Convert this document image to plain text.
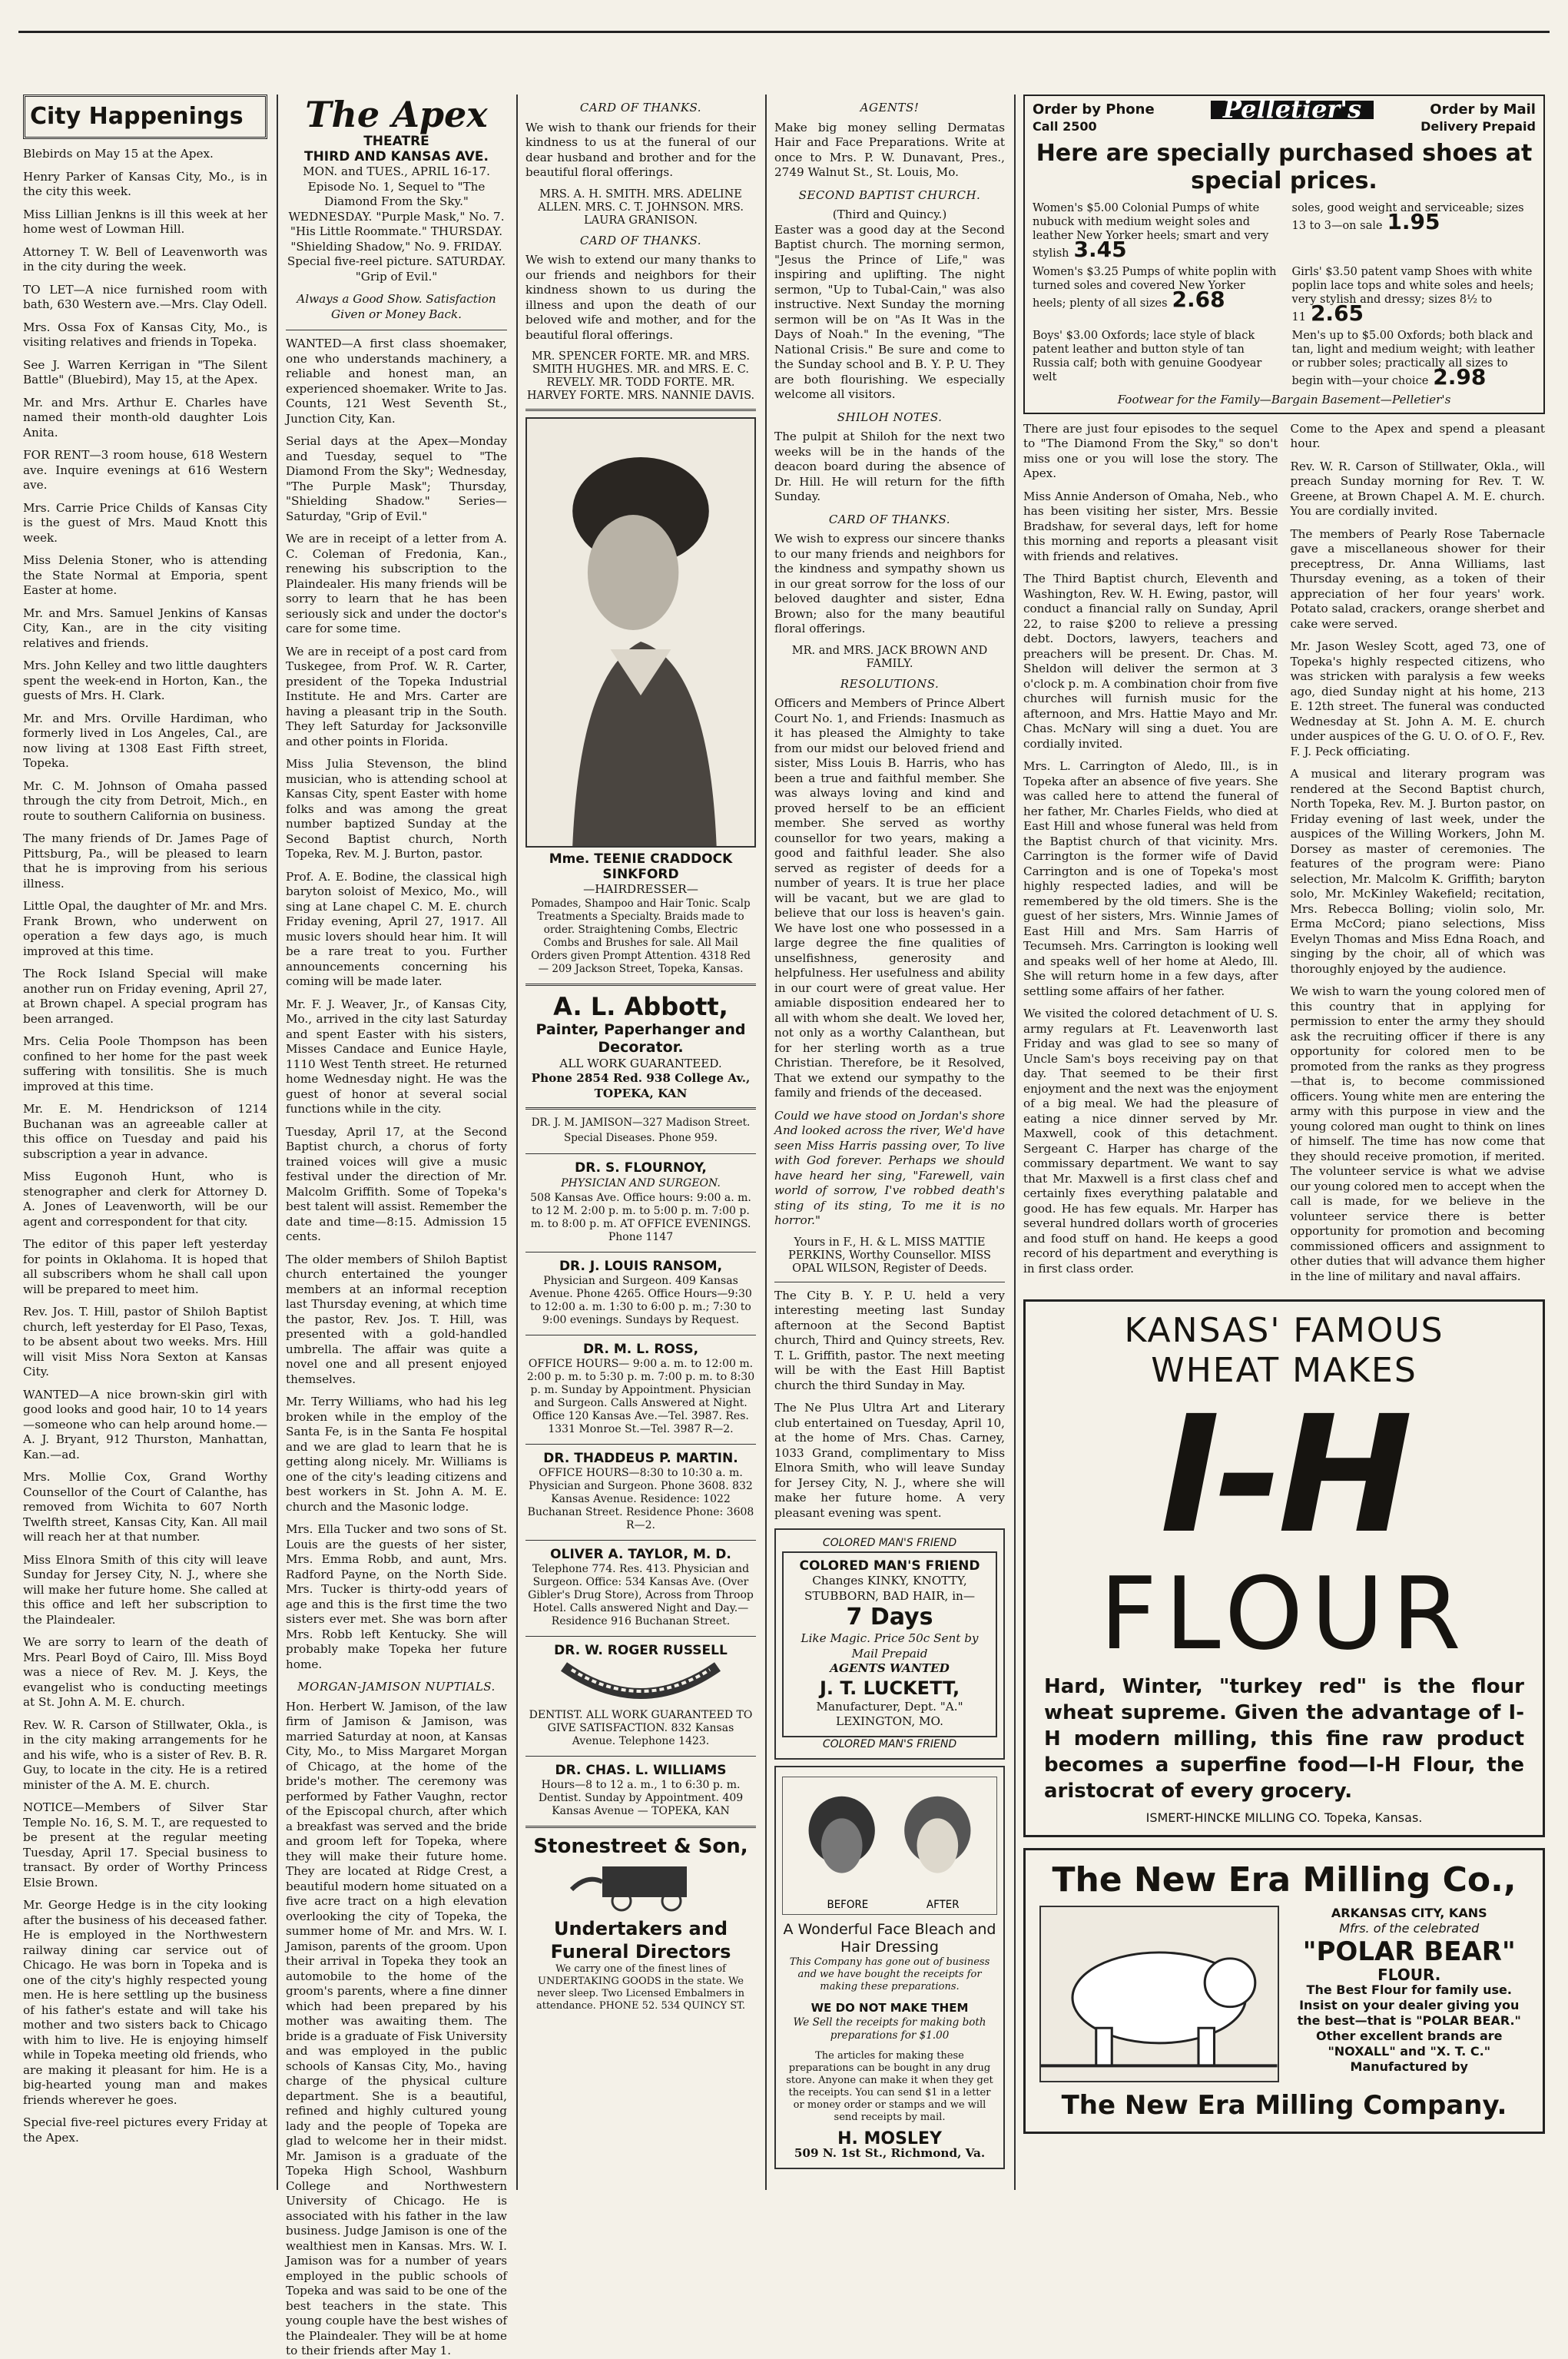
City Happenings

Blebirds on May 15 at the Apex.

Henry Parker of Kansas City, Mo., is in the city this week.

Miss Lillian Jenkns is ill this week at her home west of Lowman Hill.

Attorney T. W. Bell of Leavenworth was in the city during the week.

TO LET—A nice furnished room with bath, 630 Western ave.—Mrs. Clay Odell.

Mrs. Ossa Fox of Kansas City, Mo., is visiting relatives and friends in Topeka.

See J. Warren Kerrigan in "The Silent Battle" (Bluebird), May 15, at the Apex.

Mr. and Mrs. Arthur E. Charles have named their month-old daughter Lois Anita.

FOR RENT—3 room house, 618 Western ave. Inquire evenings at 616 Western ave.

Mrs. Carrie Price Childs of Kansas City is the guest of Mrs. Maud Knott this week.

Miss Delenia Stoner, who is attending the State Normal at Emporia, spent Easter at home.

Mr. and Mrs. Samuel Jenkins of Kansas City, Kan., are in the city visiting relatives and friends.

Mrs. John Kelley and two little daughters spent the week-end in Horton, Kan., the guests of Mrs. H. Clark.

Mr. and Mrs. Orville Hardiman, who formerly lived in Los Angeles, Cal., are now living at 1308 East Fifth street, Topeka.

Mr. C. M. Johnson of Omaha passed through the city from Detroit, Mich., en route to southern California on business.

The many friends of Dr. James Page of Pittsburg, Pa., will be pleased to learn that he is improving from his serious illness.

Little Opal, the daughter of Mr. and Mrs. Frank Brown, who underwent on operation a few days ago, is much improved at this time.

The Rock Island Special will make another run on Friday evening, April 27, at Brown chapel. A special program has been arranged.

Mrs. Celia Poole Thompson has been confined to her home for the past week suffering with tonsilitis. She is much improved at this time.

Mr. E. M. Hendrickson of 1214 Buchanan was an agreeable caller at this office on Tuesday and paid his subscription a year in advance.

Miss Eugonoh Hunt, who is stenographer and clerk for Attorney D. A. Jones of Leavenworth, will be our agent and correspondent for that city.

The editor of this paper left yesterday for points in Oklahoma. It is hoped that all subscribers whom he shall call upon will be prepared to meet him.

Rev. Jos. T. Hill, pastor of Shiloh Baptist church, left yesterday for El Paso, Texas, to be absent about two weeks. Mrs. Hill will visit Miss Nora Sexton at Kansas City.

WANTED—A nice brown-skin girl with good looks and good hair, 10 to 14 years—someone who can help around home.—A. J. Bryant, 912 Thurston, Manhattan, Kan.—ad.

Mrs. Mollie Cox, Grand Worthy Counsellor of the Court of Calanthe, has removed from Wichita to 607 North Twelfth street, Kansas City, Kan. All mail will reach her at that number.

Miss Elnora Smith of this city will leave Sunday for Jersey City, N. J., where she will make her future home. She called at this office and left her subscription to the Plaindealer.

We are sorry to learn of the death of Mrs. Pearl Boyd of Cairo, Ill. Miss Boyd was a niece of Rev. M. J. Keys, the evangelist who is conducting meetings at St. John A. M. E. church.

Rev. W. R. Carson of Stillwater, Okla., is in the city making arrangements for he and his wife, who is a sister of Rev. B. R. Guy, to locate in the city. He is a retired minister of the A. M. E. church.

NOTICE—Members of Silver Star Temple No. 16, S. M. T., are requested to be present at the regular meeting Tuesday, April 17. Special business to transact. By order of Worthy Princess Elsie Brown.

Mr. George Hedge is in the city looking after the business of his deceased father. He is employed in the Northwestern railway dining car service out of Chicago. He was born in Topeka and is one of the city's highly respected young men. He is here settling up the business of his father's estate and will take his mother and two sisters back to Chicago with him to live. He is enjoying himself while in Topeka meeting old friends, who are making it pleasant for him. He is a big-hearted young man and makes friends wherever he goes.

Special five-reel pictures every Friday at the Apex.

The Apex
THEATRE
THIRD AND KANSAS AVE.

MON. and TUES., APRIL 16-17. Episode No. 1, Sequel to "The Diamond From the Sky." WEDNESDAY. "Purple Mask," No. 7. "His Little Roommate." THURSDAY. "Shielding Shadow," No. 9. FRIDAY. Special five-reel picture. SATURDAY. "Grip of Evil."

Always a Good Show. Satisfaction Given or Money Back.

WANTED—A first class shoemaker, one who understands machinery, a reliable and honest man, an experienced shoemaker. Write to Jas. Counts, 121 West Seventh St., Junction City, Kan.

Serial days at the Apex—Monday and Tuesday, sequel to "The Diamond From the Sky"; Wednesday, "The Purple Mask"; Thursday, "Shielding Shadow." Series—Saturday, "Grip of Evil."

We are in receipt of a letter from A. C. Coleman of Fredonia, Kan., renewing his subscription to the Plaindealer. His many friends will be sorry to learn that he has been seriously sick and under the doctor's care for some time.

We are in receipt of a post card from Tuskegee, from Prof. W. R. Carter, president of the Topeka Industrial Institute. He and Mrs. Carter are having a pleasant trip in the South. They left Saturday for Jacksonville and other points in Florida.

Miss Julia Stevenson, the blind musician, who is attending school at Kansas City, spent Easter with home folks and was among the great number baptized Sunday at the Second Baptist church, North Topeka, Rev. M. J. Burton, pastor.

Prof. A. E. Bodine, the classical high baryton soloist of Mexico, Mo., will sing at Lane chapel C. M. E. church Friday evening, April 27, 1917. All music lovers should hear him. It will be a rare treat to you. Further announcements concerning his coming will be made later.

Mr. F. J. Weaver, Jr., of Kansas City, Mo., arrived in the city last Saturday and spent Easter with his sisters, Misses Candace and Eunice Hayle, 1110 West Tenth street. He returned home Wednesday night. He was the guest of honor at several social functions while in the city.

Tuesday, April 17, at the Second Baptist church, a chorus of forty trained voices will give a music festival under the direction of Mr. Malcolm Griffith. Some of Topeka's best talent will assist. Remember the date and time—8:15. Admission 15 cents.

The older members of Shiloh Baptist church entertained the younger members at an informal reception last Thursday evening, at which time the pastor, Rev. Jos. T. Hill, was presented with a gold-handled umbrella. The affair was quite a novel one and all present enjoyed themselves.

Mr. Terry Williams, who had his leg broken while in the employ of the Santa Fe, is in the Santa Fe hospital and we are glad to learn that he is getting along nicely. Mr. Williams is one of the city's leading citizens and best workers in St. John A. M. E. church and the Masonic lodge.

Mrs. Ella Tucker and two sons of St. Louis are the guests of her sister, Mrs. Emma Robb, and aunt, Mrs. Radford Payne, on the North Side. Mrs. Tucker is thirty-odd years of age and this is the first time the two sisters ever met. She was born after Mrs. Robb left Kentucky. She will probably make Topeka her future home.

MORGAN-JAMISON NUPTIALS.

Hon. Herbert W. Jamison, of the law firm of Jamison & Jamison, was married Saturday at noon, at Kansas City, Mo., to Miss Margaret Morgan of Chicago, at the home of the bride's mother. The ceremony was performed by Father Vaughn, rector of the Episcopal church, after which a breakfast was served and the bride and groom left for Topeka, where they will make their future home. They are located at Ridge Crest, a beautiful modern home situated on a five acre tract on a high elevation overlooking the city of Topeka, the summer home of Mr. and Mrs. W. I. Jamison, parents of the groom. Upon their arrival in Topeka they took an automobile to the home of the groom's parents, where a fine dinner which had been prepared by his mother was awaiting them. The bride is a graduate of Fisk University and was employed in the public schools of Kansas City, Mo., having charge of the physical culture department. She is a beautiful, refined and highly cultured young lady and the people of Topeka are glad to welcome her in their midst. Mr. Jamison is a graduate of the Topeka High School, Washburn College and Northwestern University of Chicago. He is associated with his father in the law business. Judge Jamison is one of the wealthiest men in Kansas. Mrs. W. I. Jamison was for a number of years employed in the public schools of Topeka and was said to be one of the best teachers in the state. This young couple have the best wishes of the Plaindealer. They will be at home to their friends after May 1.

CARD OF THANKS.

We wish to thank our friends for their kindness to us at the funeral of our dear husband and brother and for the beautiful floral offerings.

MRS. A. H. SMITH. MRS. ADELINE ALLEN. MRS. C. T. JOHNSON. MRS. LAURA GRANISON.
CARD OF THANKS.

We wish to extend our many thanks to our friends and neighbors for their kindness shown to us during the illness and upon the death of our beloved wife and mother, and for the beautiful floral offerings.

MR. SPENCER FORTE. MR. and MRS. SMITH HUGHES. MR. and MRS. E. C. REVELY. MR. TODD FORTE. MR. HARVEY FORTE. MRS. NANNIE DAVIS.
Mme. TEENIE CRADDOCK SINKFORD
—HAIRDRESSER—

Pomades, Shampoo and Hair Tonic. Scalp Treatments a Specialty. Braids made to order. Straightening Combs, Electric Combs and Brushes for sale. All Mail Orders given Prompt Attention. 4318 Red — 209 Jackson Street, Topeka, Kansas.

A. L. Abbott,
Painter, Paperhanger and Decorator.
ALL WORK GUARANTEED.
Phone 2854 Red. 938 College Av., TOPEKA, KAN

DR. J. M. JAMISON—327 Madison Street. Special Diseases. Phone 959.

DR. S. FLOURNOY,
PHYSICIAN AND SURGEON.

508 Kansas Ave. Office hours: 9:00 a. m. to 12 M. 2:00 p. m. to 5:00 p. m. 7:00 p. m. to 8:00 p. m. AT OFFICE EVENINGS. Phone 1147

DR. J. LOUIS RANSOM,

Physician and Surgeon. 409 Kansas Avenue. Phone 4265. Office Hours—9:30 to 12:00 a. m. 1:30 to 6:00 p. m.; 7:30 to 9:00 evenings. Sundays by Request.

DR. M. L. ROSS,

OFFICE HOURS— 9:00 a. m. to 12:00 m. 2:00 p. m. to 5:30 p. m. 7:00 p. m. to 8:30 p. m. Sunday by Appointment. Physician and Surgeon. Calls Answered at Night. Office 120 Kansas Ave.—Tel. 3987. Res. 1331 Monroe St.—Tel. 3987 R—2.

DR. THADDEUS P. MARTIN.

OFFICE HOURS—8:30 to 10:30 a. m. Physician and Surgeon. Phone 3608. 832 Kansas Avenue. Residence: 1022 Buchanan Street. Residence Phone: 3608 R—2.

OLIVER A. TAYLOR, M. D.

Telephone 774. Res. 413. Physician and Surgeon. Office: 534 Kansas Ave. (Over Gibler's Drug Store), Across from Throop Hotel. Calls answered Night and Day.—Residence 916 Buchanan Street.

DR. W. ROGER RUSSELL

DENTIST. ALL WORK GUARANTEED TO GIVE SATISFACTION. 832 Kansas Avenue. Telephone 1423.

DR. CHAS. L. WILLIAMS

Hours—8 to 12 a. m., 1 to 6:30 p. m. Dentist. Sunday by Appointment. 409 Kansas Avenue — TOPEKA, KAN

Stonestreet & Son,
Undertakers and Funeral Directors

We carry one of the finest lines of UNDERTAKING GOODS in the state. We never sleep. Two Licensed Embalmers in attendance. PHONE 52. 534 QUINCY ST.

AGENTS!

Make big money selling Dermatas Hair and Face Preparations. Write at once to Mrs. P. W. Dunavant, Pres., 2749 Walnut St., St. Louis, Mo.

SECOND BAPTIST CHURCH.
(Third and Quincy.)

Easter was a good day at the Second Baptist church. The morning sermon, "Jesus the Prince of Life," was inspiring and uplifting. The night sermon, "Up to Tubal-Cain," was also instructive. Next Sunday the morning sermon will be on "As It Was in the Days of Noah." In the evening, "The National Crisis." Be sure and come to the Sunday school and B. Y. P. U. They are both flourishing. We especially welcome all visitors.

SHILOH NOTES.

The pulpit at Shiloh for the next two weeks will be in the hands of the deacon board during the absence of Dr. Hill. He will return for the fifth Sunday.

CARD OF THANKS.

We wish to express our sincere thanks to our many friends and neighbors for the kindness and sympathy shown us in our great sorrow for the loss of our beloved daughter and sister, Edna Brown; also for the many beautiful floral offerings.

MR. and MRS. JACK BROWN AND FAMILY.
RESOLUTIONS.

Officers and Members of Prince Albert Court No. 1, and Friends: Inasmuch as it has pleased the Almighty to take from our midst our beloved friend and sister, Miss Louis B. Harris, who has been a true and faithful member. She was always loving and kind and proved herself to be an efficient member. She served as worthy counsellor for two years, making a good and faithful leader. She also served as register of deeds for a number of years. It is true her place will be vacant, but we are glad to believe that our loss is heaven's gain. We have lost one who possessed in a large degree the fine qualities of unselfishness, generosity and helpfulness. Her usefulness and ability in our court were of great value. Her amiable disposition endeared her to all with whom she dealt. We loved her, not only as a worthy Calanthean, but for her sterling worth as a true Christian. Therefore, be it Resolved, That we extend our sympathy to the family and friends of the deceased.

Could we have stood on Jordan's shore And looked across the river, We'd have seen Miss Harris passing over, To live with God forever. Perhaps we should have heard her sing, "Farewell, vain world of sorrow, I've robbed death's sting of its sting, To me it is no horror."

Yours in F., H. & L. MISS MATTIE PERKINS, Worthy Counsellor. MISS OPAL WILSON, Register of Deeds.

The City B. Y. P. U. held a very interesting meeting last Sunday afternoon at the Second Baptist church, Third and Quincy streets, Rev. T. L. Griffith, pastor. The next meeting will be with the East Hill Baptist church the third Sunday in May.

The Ne Plus Ultra Art and Literary club entertained on Tuesday, April 10, at the home of Mrs. Chas. Carney, 1033 Grand, complimentary to Miss Elnora Smith, who will leave Sunday for Jersey City, N. J., where she will make her future home. A very pleasant evening was spent.

COLORED MAN'S FRIEND
COLORED MAN'S FRIEND
Changes KINKY, KNOTTY, STUBBORN, BAD HAIR, in—
7 Days
Like Magic. Price 50c Sent by Mail Prepaid
AGENTS WANTED
J. T. LUCKETT,
Manufacturer, Dept. "A." LEXINGTON, MO.
COLORED MAN'S FRIEND
BEFORE	AFTER
A Wonderful Face Bleach and Hair Dressing

This Company has gone out of business and we have bought the receipts for making these preparations.

WE DO NOT MAKE THEM

We Sell the receipts for making both preparations for $1.00

The articles for making these preparations can be bought in any drug store. Anyone can make it when they get the receipts. You can send $1 in a letter or money order or stamps and we will send receipts by mail.

H. MOSLEY
509 N. 1st St., Richmond, Va.
Order by Phone	Pelletier's	Order by Mail
Call 2500	Delivery Prepaid
Here are specially purchased shoes at special prices.
Women's $5.00 Colonial Pumps of white nubuck with medium weight soles and leather New Yorker heels; smart and very stylish 3.45
soles, good weight and serviceable; sizes 13 to 3—on sale 1.95
Women's $3.25 Pumps of white poplin with turned soles and covered New Yorker heels; plenty of all sizes 2.68
Girls' $3.50 patent vamp Shoes with white poplin lace tops and white soles and heels; very stylish and dressy; sizes 8½ to 11 2.65
Boys' $3.00 Oxfords; lace style of black patent leather and button style of tan Russia calf; both with genuine Goodyear welt
Men's up to $5.00 Oxfords; both black and tan, light and medium weight; with leather or rubber soles; practically all sizes to begin with—your choice 2.98
Footwear for the Family—Bargain Basement—Pelletier's

There are just four episodes to the sequel to "The Diamond From the Sky," so don't miss one or you will lose the story. The Apex.

Miss Annie Anderson of Omaha, Neb., who has been visiting her sister, Mrs. Bessie Bradshaw, for several days, left for home this morning and reports a pleasant visit with friends and relatives.

The Third Baptist church, Eleventh and Washington, Rev. W. H. Ewing, pastor, will conduct a financial rally on Sunday, April 22, to raise $200 to relieve a pressing debt. Doctors, lawyers, teachers and preachers will be present. Dr. Chas. M. Sheldon will deliver the sermon at 3 o'clock p. m. A combination choir from five churches will furnish music for the afternoon, and Mrs. Hattie Mayo and Mr. Chas. McNary will sing a duet. You are cordially invited.

Mrs. L. Carrington of Aledo, Ill., is in Topeka after an absence of five years. She was called here to attend the funeral of her father, Mr. Charles Fields, who died at East Hill and whose funeral was held from the Baptist church of that vicinity. Mrs. Carrington is the former wife of David Carrington and is one of Topeka's most highly respected ladies, and will be remembered by the old timers. She is the guest of her sisters, Mrs. Winnie James of East Hill and Mrs. Sam Harris of Tecumseh. Mrs. Carrington is looking well and speaks well of her home at Aledo, Ill. She will return home in a few days, after settling some affairs of her father.

We visited the colored detachment of U. S. army regulars at Ft. Leavenworth last Friday and was glad to see so many of Uncle Sam's boys receiving pay on that day. That seemed to be their first enjoyment and the next was the enjoyment of a big meal. We had the pleasure of eating a nice dinner served by Mr. Maxwell, cook of this detachment. Sergeant C. Harper has charge of the commissary department. We want to say that Mr. Maxwell is a first class chef and certainly fixes everything palatable and good. He has few equals. Mr. Harper has several hundred dollars worth of groceries and food stuff on hand. He keeps a good record of his department and everything is in first class order.

Come to the Apex and spend a pleasant hour.

Rev. W. R. Carson of Stillwater, Okla., will preach Sunday morning for Rev. T. W. Greene, at Brown Chapel A. M. E. church. You are cordially invited.

The members of Pearly Rose Tabernacle gave a miscellaneous shower for their preceptress, Dr. Anna Williams, last Thursday evening, as a token of their appreciation of her four years' work. Potato salad, crackers, orange sherbet and cake were served.

Mr. Jason Wesley Scott, aged 73, one of Topeka's highly respected citizens, who was stricken with paralysis a few weeks ago, died Sunday night at his home, 213 E. 12th street. The funeral was conducted Wednesday at St. John A. M. E. church under auspices of the G. U. O. of O. F., Rev. F. J. Peck officiating.

A musical and literary program was rendered at the Second Baptist church, North Topeka, Rev. M. J. Burton pastor, on Friday evening of last week, under the auspices of the Willing Workers, John M. Dorsey as master of ceremonies. The features of the program were: Piano selection, Mr. Malcolm K. Griffith; baryton solo, Mr. McKinley Wakefield; recitation, Mrs. Rebecca Bolling; violin solo, Mr. Erma McCord; piano selections, Miss Evelyn Thomas and Miss Edna Roach, and singing by the choir, all of which was thoroughly enjoyed by the audience.

We wish to warn the young colored men of this country that in applying for permission to enter the army they should ask the recruiting officer if there is any opportunity for colored men to be promoted from the ranks as they progress—that is, to become commissioned officers. Young white men are entering the army with this purpose in view and the young colored man ought to think on lines of himself. The time has now come that they should receive promotion, if merited. The volunteer service is what we advise our young colored men to accept when the call is made, for we believe in the volunteer service there is better opportunity for promotion and becoming commissioned officers and assignment to other duties that will advance them higher in the line of military and naval affairs.

KANSAS' FAMOUS
WHEAT MAKES
I-H
FLOUR
Hard, Winter, "turkey red" is the flour wheat supreme. Given the advantage of I-H modern milling, this fine raw product becomes a superfine food—I-H Flour, the aristocrat of every grocery.
ISMERT-HINCKE MILLING CO. Topeka, Kansas.
The New Era Milling Co.,
ARKANSAS CITY, KANS
Mfrs. of the celebrated
"POLAR BEAR"
FLOUR.
The Best Flour for family use. Insist on your dealer giving you the best—that is "POLAR BEAR." Other excellent brands are "NOXALL" and "X. T. C." Manufactured by
The New Era Milling Company.
